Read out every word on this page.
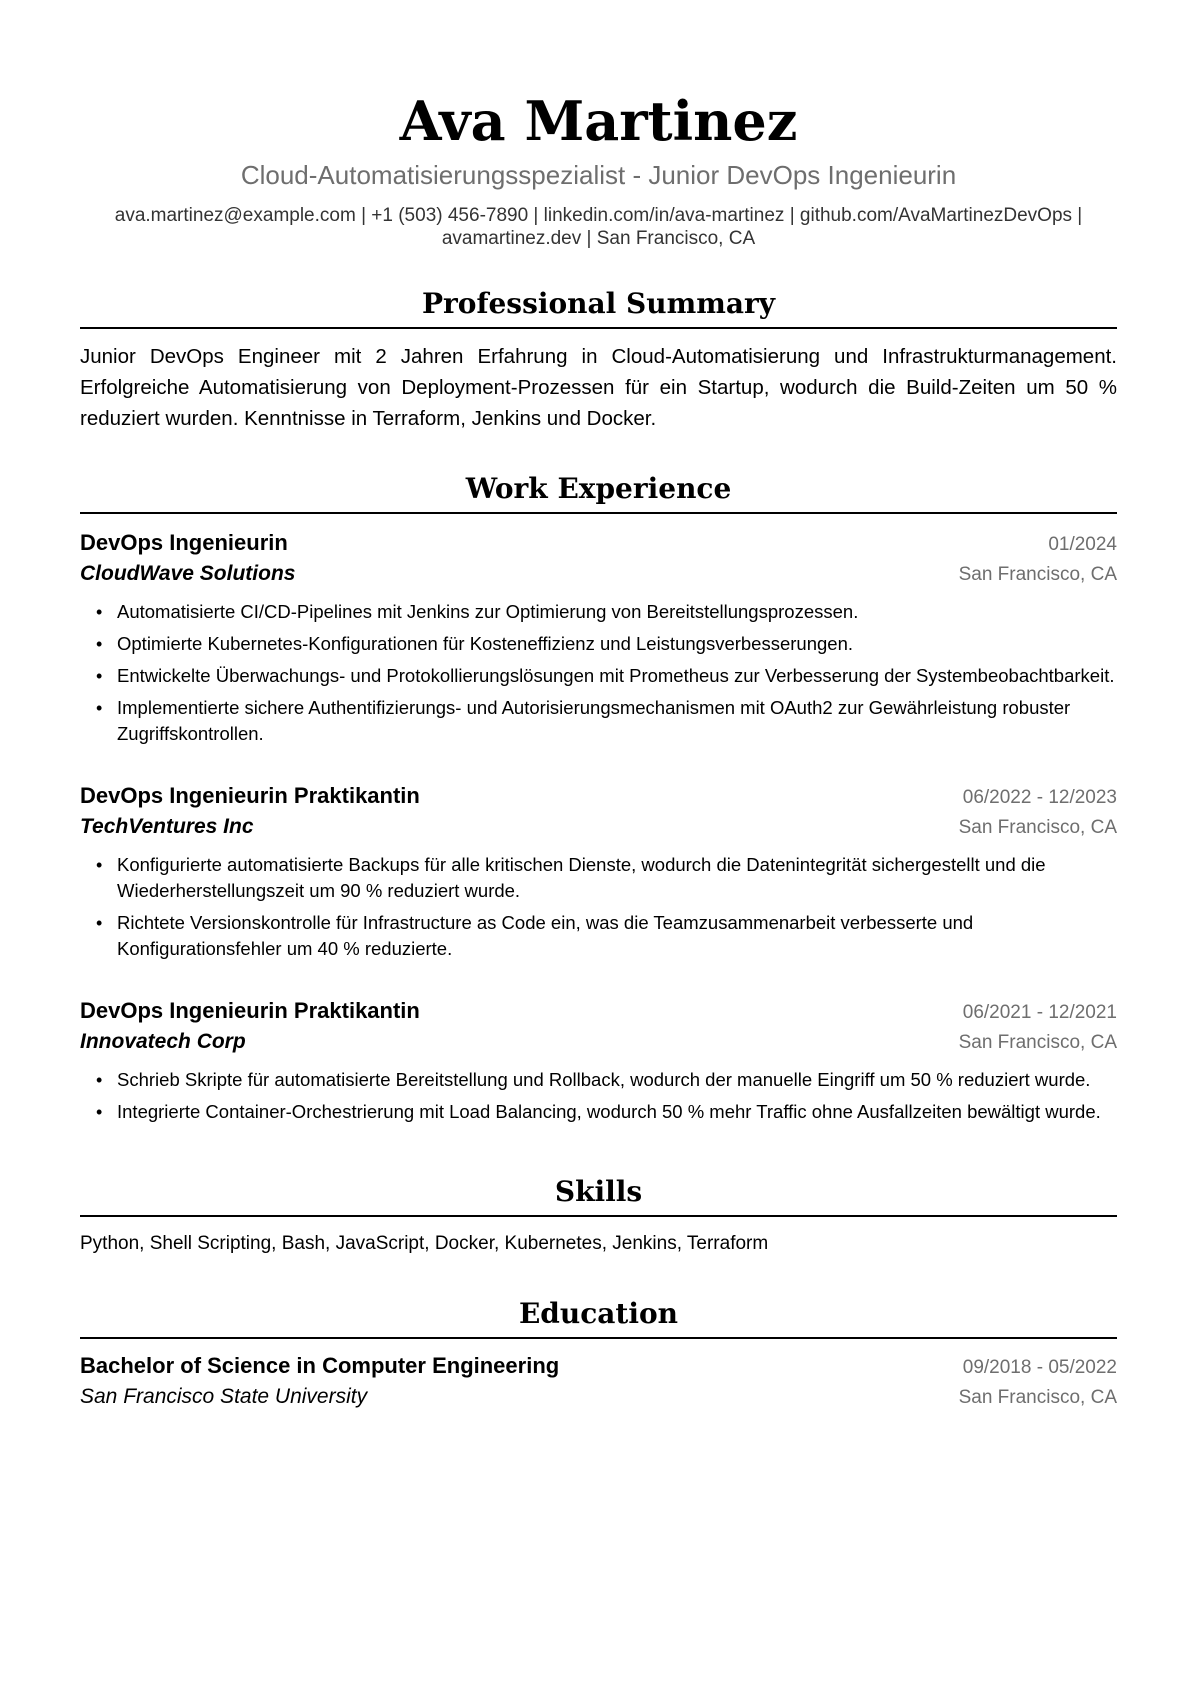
Ava Martinez
Cloud-Automatisierungsspezialist - Junior DevOps Ingenieurin
ava.martinez@example.com | +1 (503) 456-7890 | linkedin.com/in/ava-martinez | github.com/AvaMartinezDevOps |
avamartinez.dev | San Francisco, CA
Professional Summary
Junior DevOps Engineer mit 2 Jahren Erfahrung in Cloud-Automatisierung und Infrastrukturmanagement. Erfolgreiche Automatisierung von Deployment-Prozessen für ein Startup, wodurch die Build-Zeiten um 50 % reduziert wurden. Kenntnisse in Terraform, Jenkins und Docker.
Work Experience
DevOps Ingenieurin	01/2024
CloudWave Solutions	San Francisco, CA
• Automatisierte CI/CD-Pipelines mit Jenkins zur Optimierung von Bereitstellungsprozessen.
• Optimierte Kubernetes-Konfigurationen für Kosteneffizienz und Leistungsverbesserungen.
• Entwickelte Überwachungs- und Protokollierungslösungen mit Prometheus zur Verbesserung der Systembeobachtbarkeit.
• Implementierte sichere Authentifizierungs- und Autorisierungsmechanismen mit OAuth2 zur Gewährleistung robuster Zugriffskontrollen.
DevOps Ingenieurin Praktikantin	06/2022 - 12/2023
TechVentures Inc	San Francisco, CA
• Konfigurierte automatisierte Backups für alle kritischen Dienste, wodurch die Datenintegrität sichergestellt und die Wiederherstellungszeit um 90 % reduziert wurde.
• Richtete Versionskontrolle für Infrastructure as Code ein, was die Teamzusammenarbeit verbesserte und Konfigurationsfehler um 40 % reduzierte.
DevOps Ingenieurin Praktikantin	06/2021 - 12/2021
Innovatech Corp	San Francisco, CA
• Schrieb Skripte für automatisierte Bereitstellung und Rollback, wodurch der manuelle Eingriff um 50 % reduziert wurde.
• Integrierte Container-Orchestrierung mit Load Balancing, wodurch 50 % mehr Traffic ohne Ausfallzeiten bewältigt wurde.
Skills
Python, Shell Scripting, Bash, JavaScript, Docker, Kubernetes, Jenkins, Terraform
Education
Bachelor of Science in Computer Engineering	09/2018 - 05/2022
San Francisco State University	San Francisco, CA
